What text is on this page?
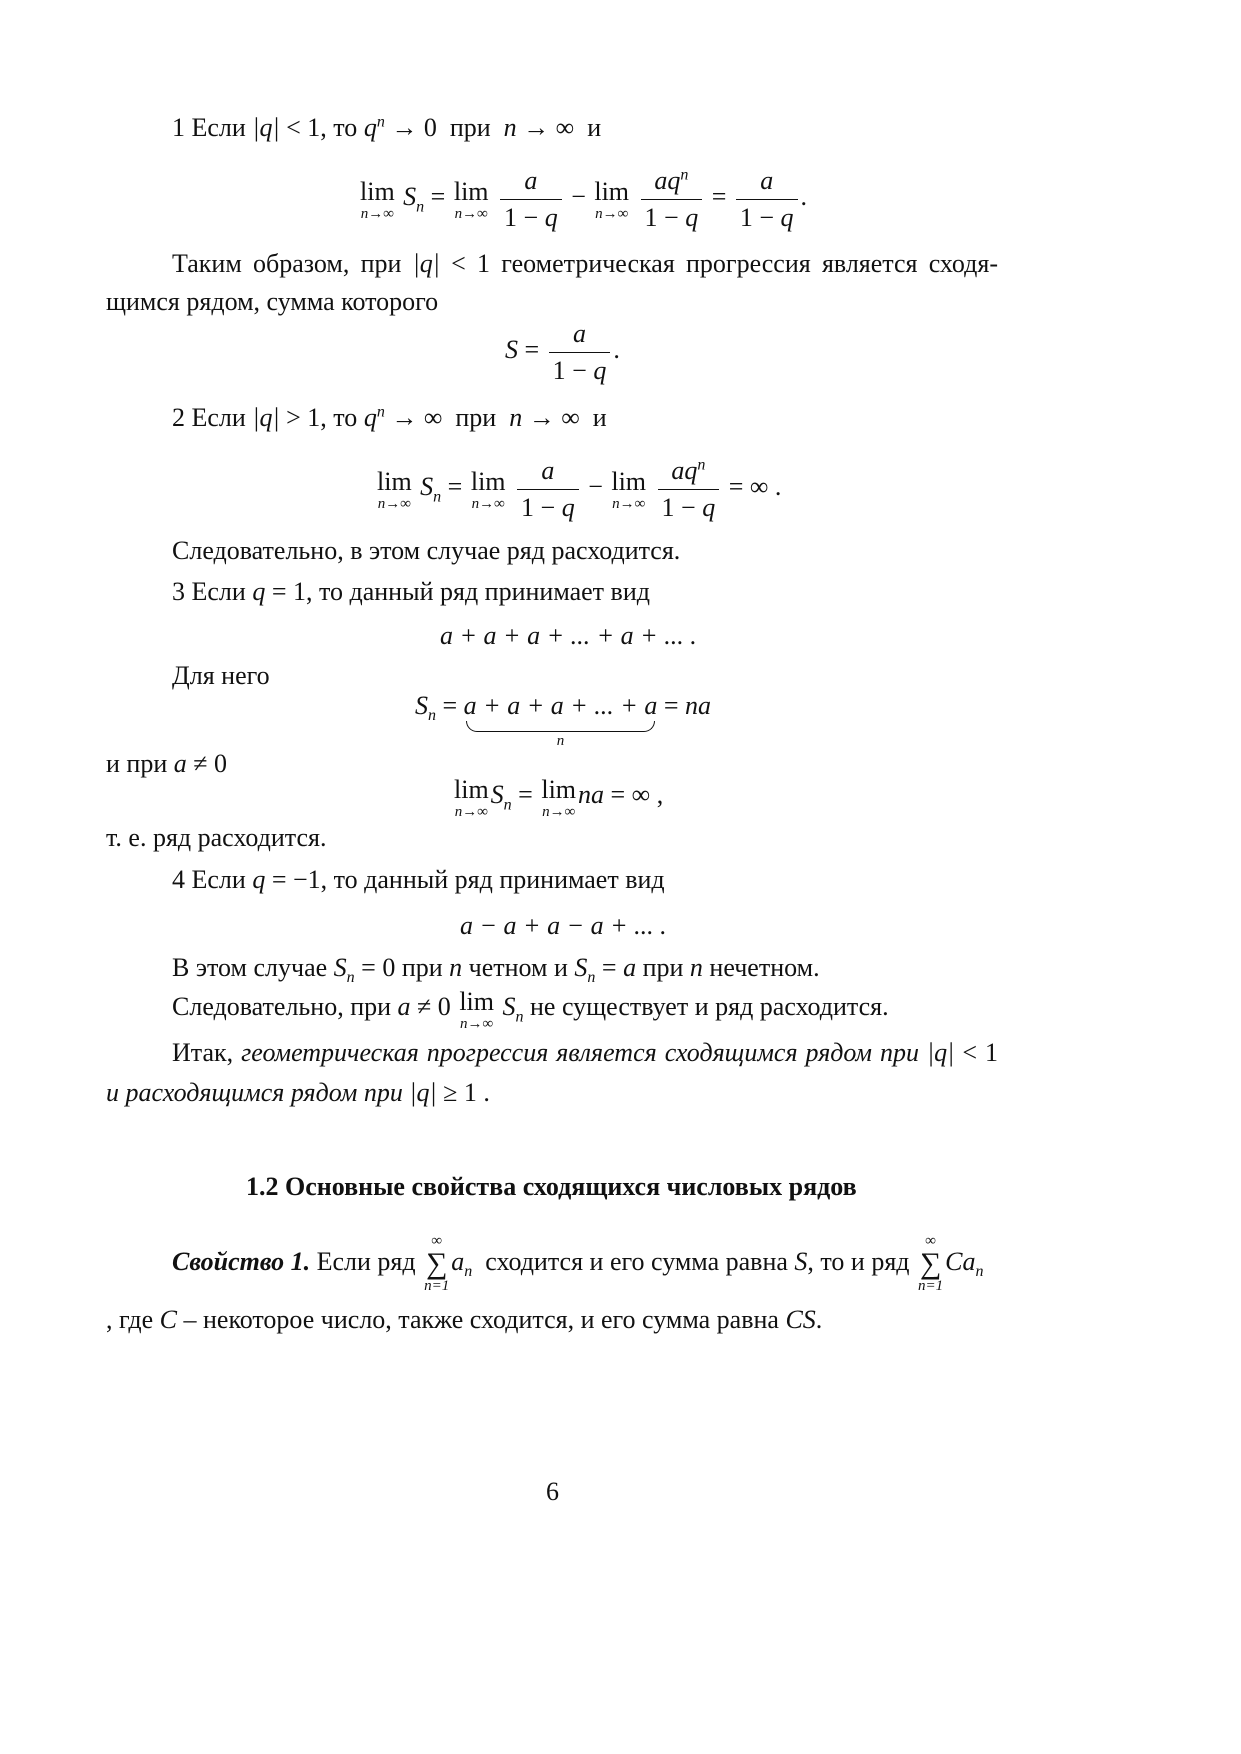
1 Если |q| < 1, то $q^n \to 0$  при n → ∞  и
lim
n→∞
$S_n = \lim$
n→∞
$\frac{a}{1 - q} - \lim$
n→∞
$\frac{aq^n}{1 - q} = \frac{a}{1 - q}$ .
Таким образом, при |q| < 1 геометрическая прогрессия является сходя-
щимся рядом, сумма которого
$S = \frac{a}{1 - q}$ .
2 Если |q| > 1, то $q^n$ → ∞  при n → ∞  и
lim
n→∞
$S_n = \lim$
n→∞
$\frac{a}{1 - q} - \lim$
n→∞
$\frac{aq^n}{1 - q}$ = ∞ .
Следовательно, в этом случае ряд расходится.
3 Если q = 1, то данный ряд принимает вид
a + a + a + ... + a + ... .
Для него
$S_n = a + a + a$ + ... + a
n
= na
и при a ≠ 0
lim
n→∞
$S_n = \lim$
n→∞
na = ∞ ,
т. е. ряд расходится.
4 Если q = −1, то данный ряд принимает вид
a − a + a − a + ... .
В этом случае $S_n = 0$ при n четном и $S_n = a$ при n нечетном.
Следовательно, при a ≠ 0 lim
n→∞
$S_n$ не существует и ряд расходится.
Итак, геометрическая прогрессия является сходящимся рядом при |q| < 1
и расходящимся рядом при |q| ≥ 1 .
1.2 Основные свойства сходящихся числовых рядов
Свойство 1. Если ряд
∞
∑
n=1
$a_n$ сходится и его сумма равна S, то и ряд
∞
∑
n=1
$Ca_n$
, где C – некоторое число, также сходится, и его сумма равна CS.
6
